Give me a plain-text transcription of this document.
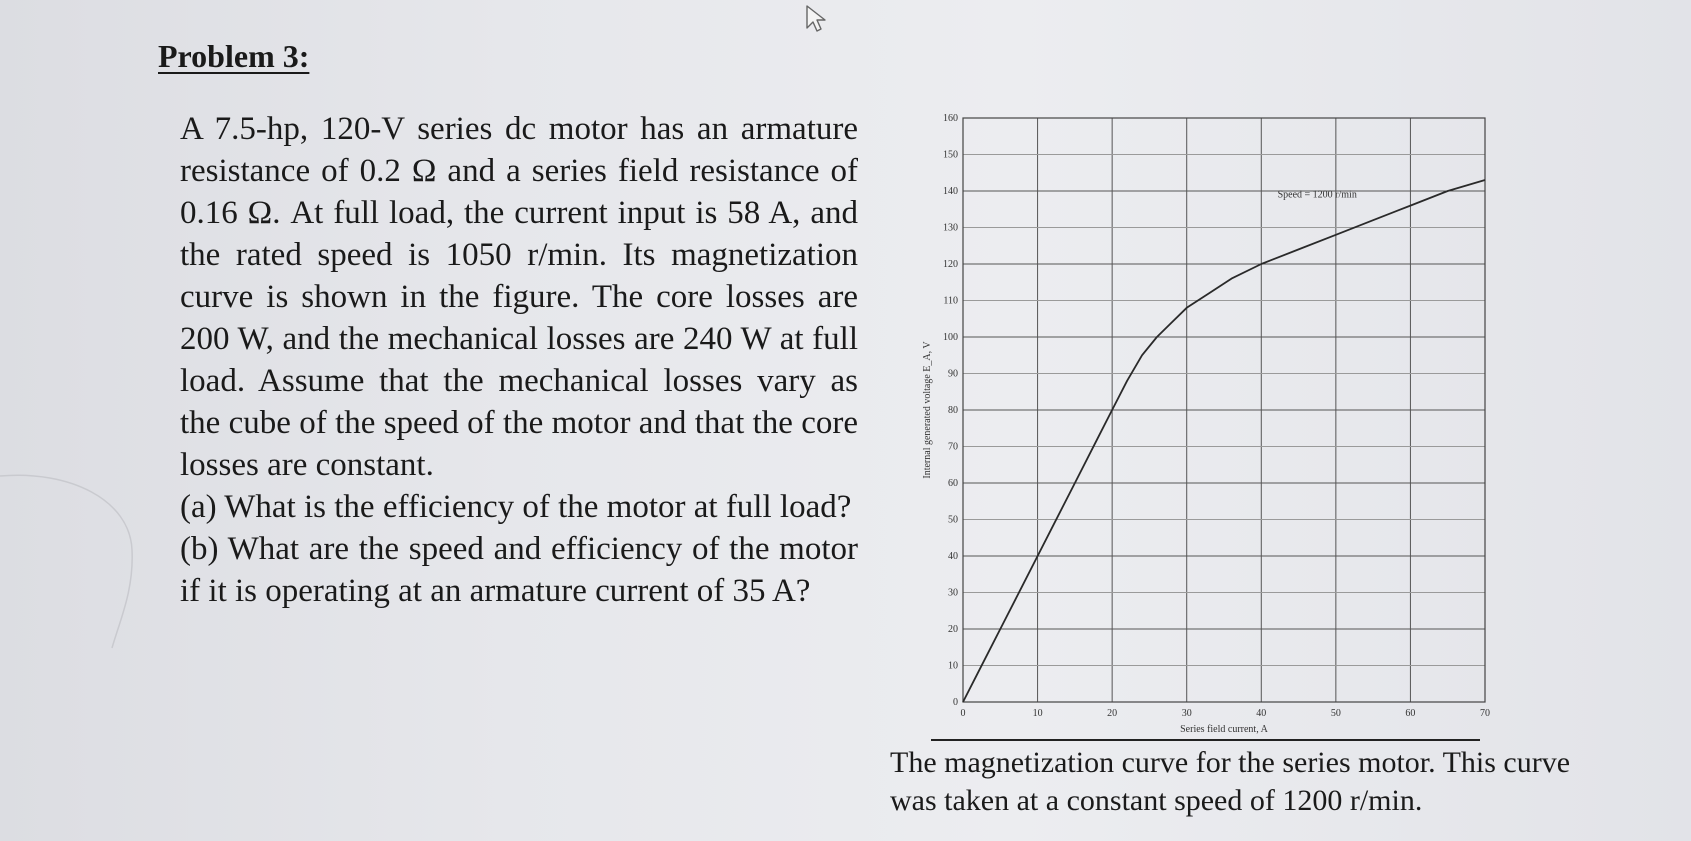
Problem 3:

A 7.5-hp, 120-V series dc motor has an armature resistance of 0.2 Ω and a series field resistance of 0.16 Ω. At full load, the current input is 58 A, and the rated speed is 1050 r/min. Its magnetization curve is shown in the figure. The core losses are 200 W, and the mechanical losses are 240 W at full load. Assume that the mechanical losses vary as the cube of the speed of the motor and that the core losses are constant.

(a) What is the efficiency of the motor at full load?

(b) What are the speed and efficiency of the motor if it is operating at an armature current of 35 A?

0	10	20	30	40	50	60	70
0
10
20
30
40
50
60
70
80
90
100
110
120
130
140
150
160
Series field current, A
Internal generated voltage E_A, V
Speed = 1200 r/min
The magnetization curve for the series motor. This curve was taken at a constant speed of 1200 r/min.
